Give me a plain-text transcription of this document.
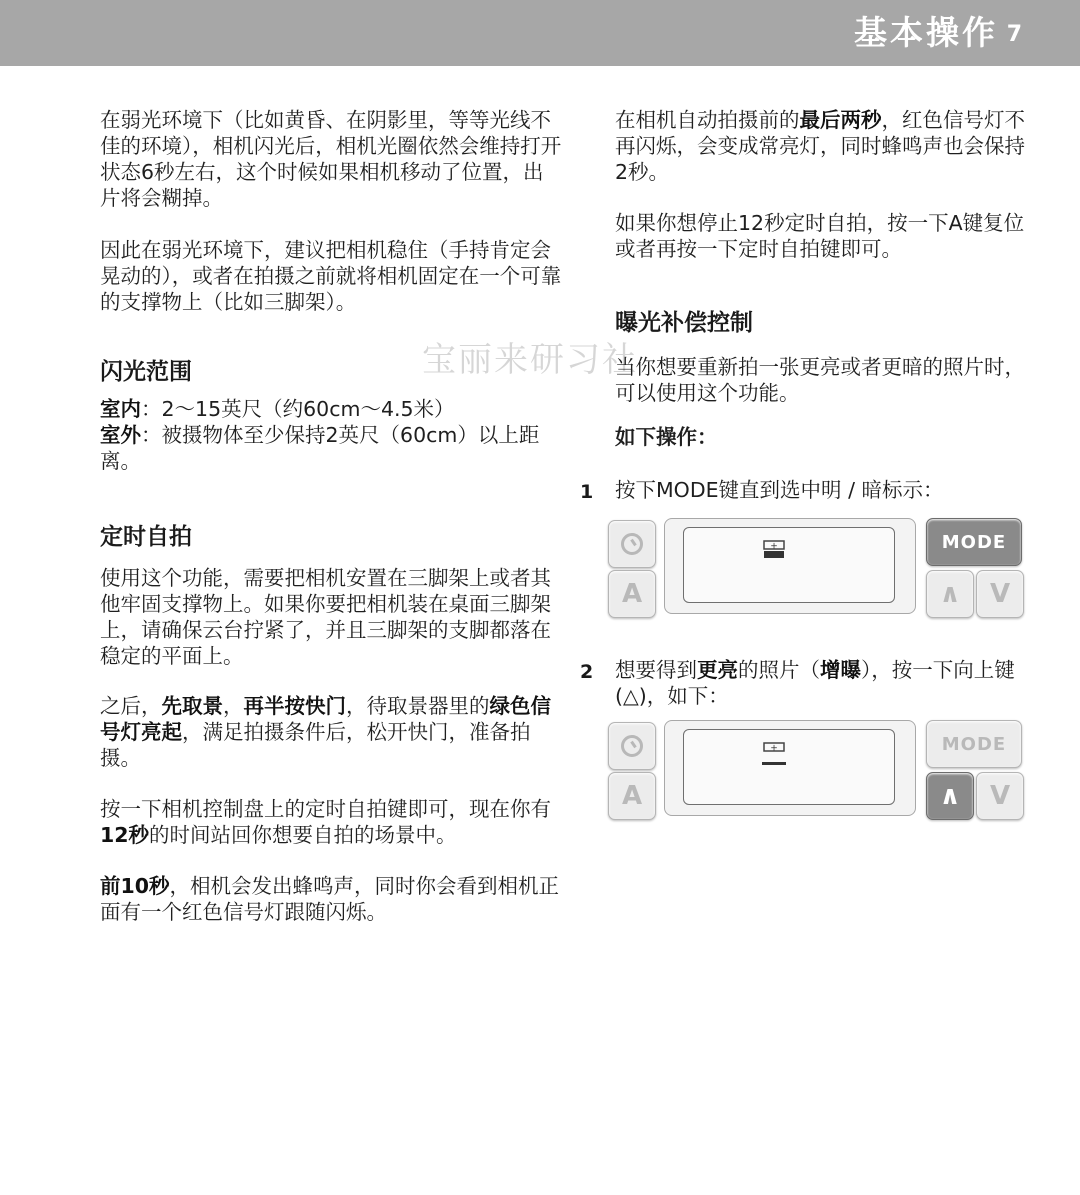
基本操作 7
宝丽来研习社

在弱光环境下（比如黄昏、在阴影里，等等光线不佳的环境），相机闪光后，相机光圈依然会维持打开状态6秒左右，这个时候如果相机移动了位置，出片将会糊掉。

因此在弱光环境下，建议把相机稳住（手持肯定会晃动的），或者在拍摄之前就将相机固定在一个可靠的支撑物上（比如三脚架）。

闪光范围

室内：2～15英尺（约60cm～4.5米）
室外：被摄物体至少保持2英尺（60cm）以上距离。

定时自拍

使用这个功能，需要把相机安置在三脚架上或者其他牢固支撑物上。如果你要把相机装在桌面三脚架上，请确保云台拧紧了，并且三脚架的支脚都落在稳定的平面上。

之后，先取景，再半按快门，待取景器里的绿色信号灯亮起，满足拍摄条件后，松开快门，准备拍摄。

按一下相机控制盘上的定时自拍键即可，现在你有12秒的时间站回你想要自拍的场景中。

前10秒，相机会发出蜂鸣声，同时你会看到相机正面有一个红色信号灯跟随闪烁。

在相机自动拍摄前的最后两秒，红色信号灯不再闪烁，会变成常亮灯，同时蜂鸣声也会保持2秒。

如果你想停止12秒定时自拍，按一下A键复位或者再按一下定时自拍键即可。

曝光补偿控制

当你想要重新拍一张更亮或者更暗的照片时，可以使用这个功能。

如下操作：

按下MODE键直到选中明 / 暗标示：

想要得到更亮的照片（增曝），按一下向上键 (△)，如下：

1
2
A
+	MODE
∧	V
A
+	MODE
∧	V
